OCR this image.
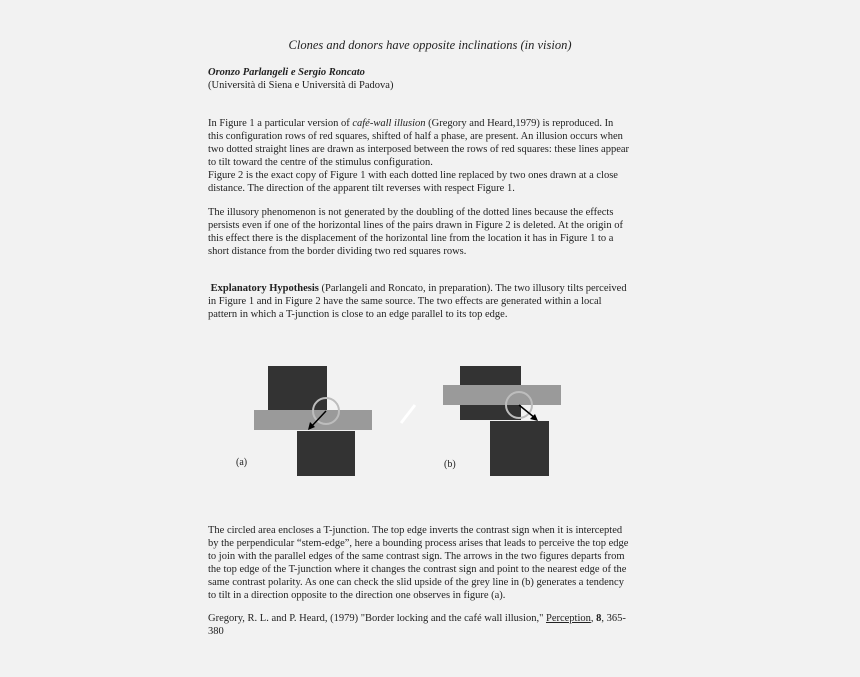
Clones and donors have opposite inclinations (in vision)
Oronzo Parlangeli e Sergio Roncato
(Università di Siena e Università di Padova)
In Figure 1 a particular version of café-wall illusion (Gregory and Heard,1979) is reproduced. In
this configuration rows of red squares, shifted of half a phase, are present. An illusion occurs when
two dotted straight lines are drawn as interposed between the rows of red squares: these lines appear
to tilt toward the centre of the stimulus configuration.
Figure 2 is the exact copy of Figure 1 with each dotted line replaced by two ones drawn at a close
distance. The direction of the apparent tilt reverses with respect Figure 1.
The illusory phenomenon is not generated by the doubling of the dotted lines because the effects
persists even if one of the horizontal lines of the pairs drawn in Figure 2 is deleted. At the origin of
this effect there is the displacement of the horizontal line from the location it has in Figure 1 to a
short distance from the border dividing two red squares rows.
Explanatory Hypothesis (Parlangeli and Roncato, in preparation). The two illusory tilts perceived
in Figure 1 and in Figure 2 have the same source. The two effects are generated within a local
pattern in which a T-junction is close to an edge parallel to its top edge.
(a)	(b)
The circled area encloses a T-junction. The top edge inverts the contrast sign when it is intercepted
by the perpendicular “stem-edge”, here a bounding process arises that leads to perceive the top edge
to join with the parallel edges of the same contrast sign. The arrows in the two figures departs from
the top edge of the T-junction where it changes the contrast sign and point to the nearest edge of the
same contrast polarity. As one can check the slid upside of the grey line in (b) generates a tendency
to tilt in a direction opposite to the direction one observes in figure (a).
Gregory, R. L. and P. Heard, (1979) "Border locking and the café wall illusion," Perception, 8, 365-
380
